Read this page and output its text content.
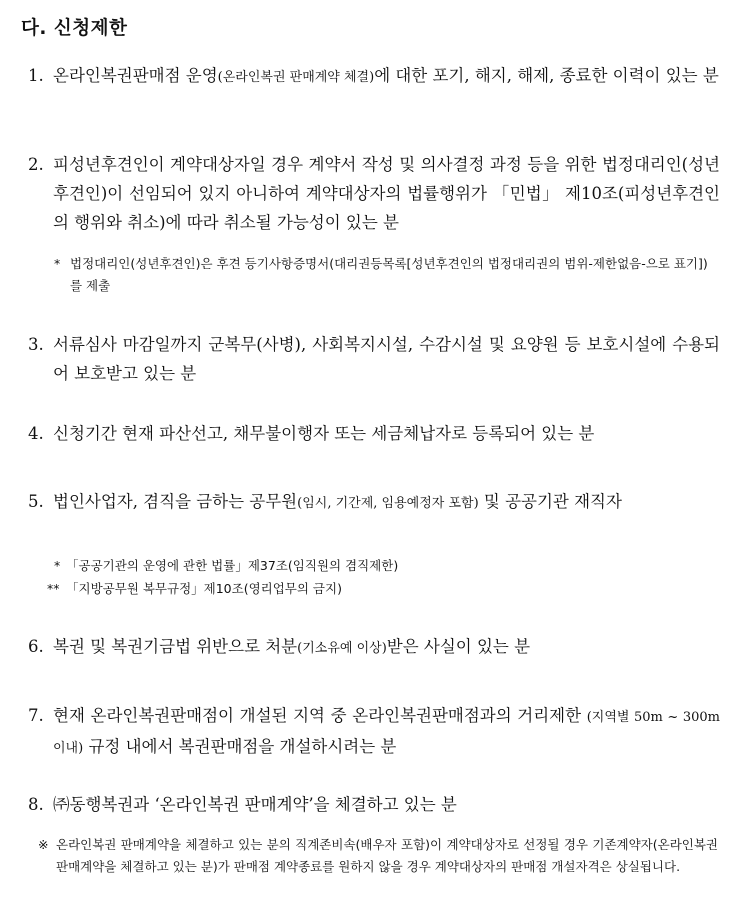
다. 신청제한
1. 온라인복권판매점 운영(온라인복권 판매계약 체결)에 대한 포기, 해지, 해제, 종료한 이력이 있는 분
2. 피성년후견인이 계약대상자일 경우 계약서 작성 및 의사결정 과정 등을 위한 법정대리인(성년후견인)이 선임되어 있지 아니하여 계약대상자의 법률행위가 「민법」 제10조(피성년후견인의 행위와 취소)에 따라 취소될 가능성이 있는 분
* 법정대리인(성년후견인)은 후견 등기사항증명서(대리권등목록[성년후견인의 법정대리권의 범위-제한없음-으로 표기])를 제출
3. 서류심사 마감일까지 군복무(사병), 사회복지시설, 수감시설 및 요양원 등 보호시설에 수용되어 보호받고 있는 분
4. 신청기간 현재 파산선고, 채무불이행자 또는 세금체납자로 등록되어 있는 분
5. 법인사업자, 겸직을 금하는 공무원(임시, 기간제, 임용예정자 포함) 및 공공기관 재직자
* 「공공기관의 운영에 관한 법률」제37조(임직원의 겸직제한)
** 「지방공무원 복무규정」제10조(영리업무의 금지)
6. 복권 및 복권기금법 위반으로 처분(기소유예 이상)받은 사실이 있는 분
7. 현재 온라인복권판매점이 개설된 지역 중 온라인복권판매점과의 거리제한 (지역별 50m ~ 300m 이내) 규정 내에서 복권판매점을 개설하시려는 분
8. ㈜동행복권과 ‘온라인복권 판매계약’을 체결하고 있는 분
※ 온라인복권 판매계약을 체결하고 있는 분의 직계존비속(배우자 포함)이 계약대상자로 선정될 경우 기존계약자(온라인복권 판매계약을 체결하고 있는 분)가 판매점 계약종료를 원하지 않을 경우 계약대상자의 판매점 개설자격은 상실됩니다.
